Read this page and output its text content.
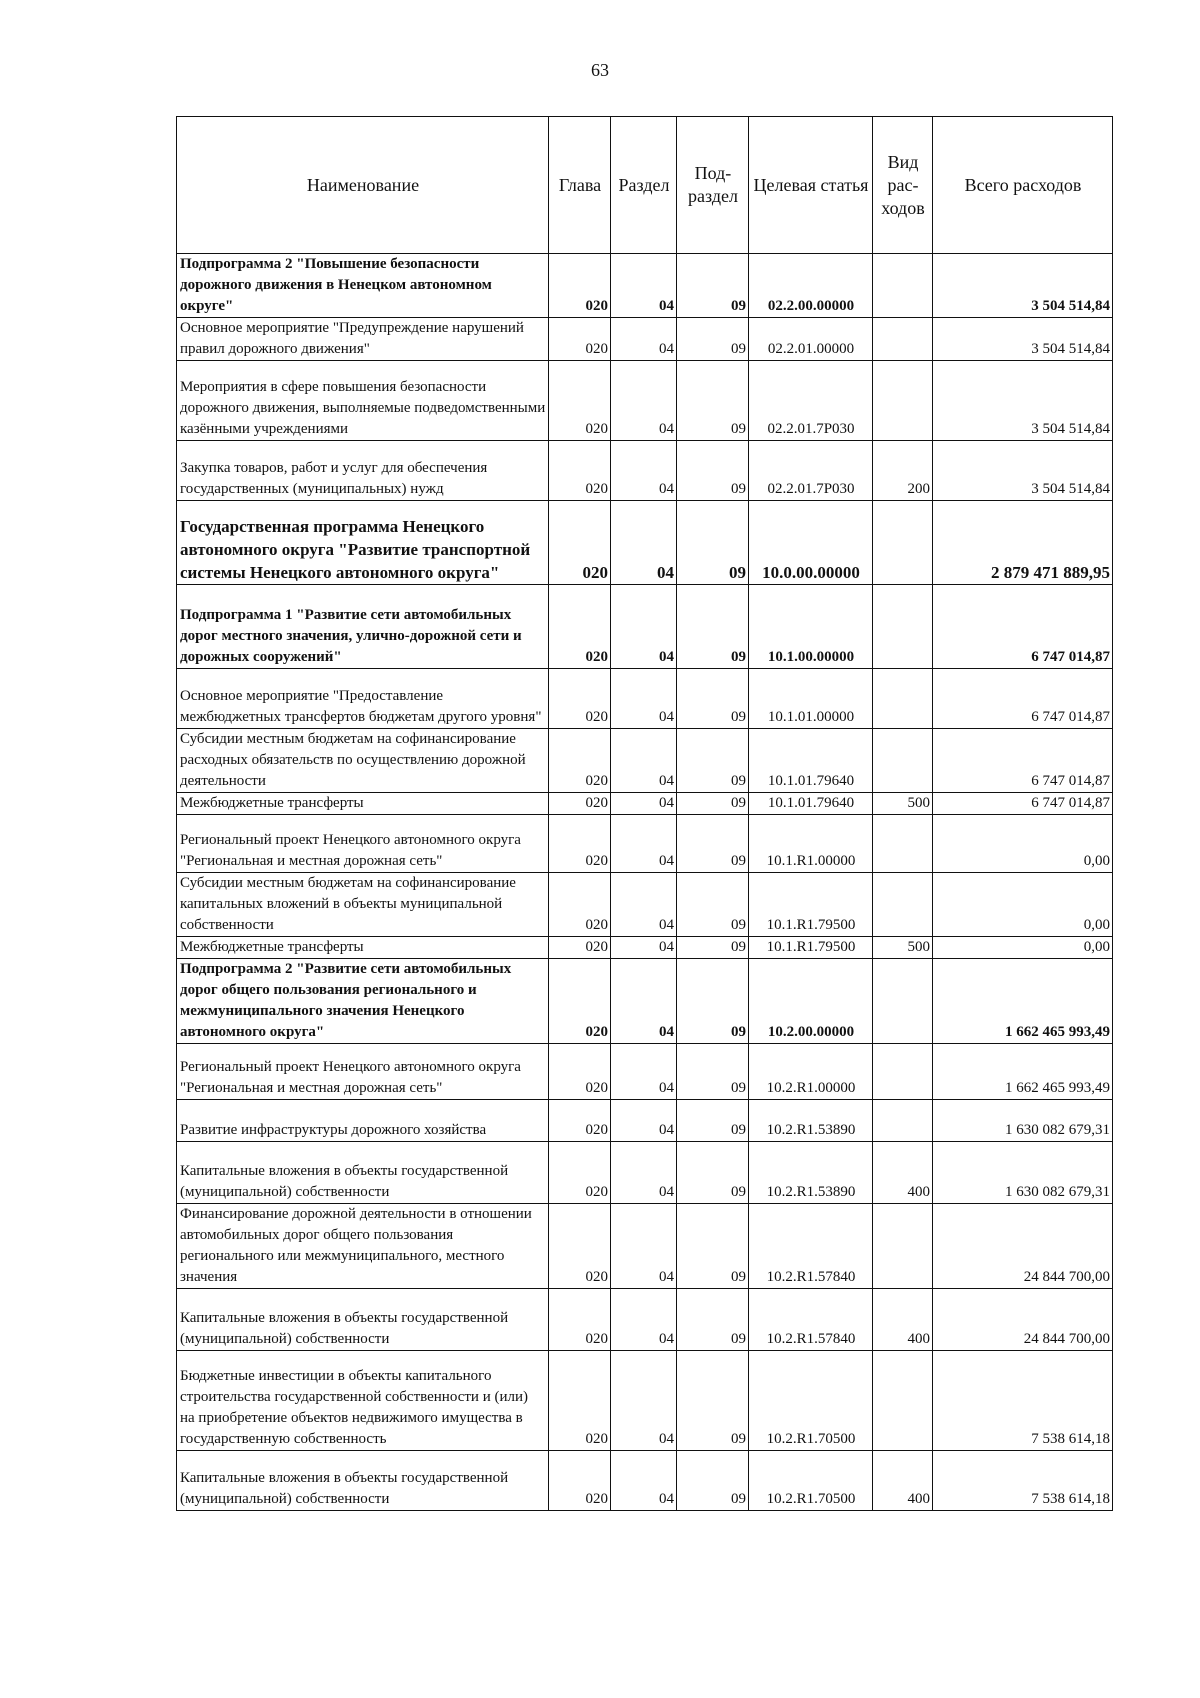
63
Наименование	Глава	Раздел	Под-раздел	Целевая статья	Вид рас-ходов	Всего расходов
Подпрограмма 2 "Повышение безопасности дорожного движения в Ненецком автономном округе"	020	04	09	02.2.00.00000		3 504 514,84
Основное мероприятие "Предупреждение нарушений правил дорожного движения"	020	04	09	02.2.01.00000		3 504 514,84
Мероприятия в сфере повышения безопасности дорожного движения, выполняемые подведомственными казёнными учреждениями	020	04	09	02.2.01.7Р030		3 504 514,84
Закупка товаров, работ и услуг для обеспечения государственных (муниципальных) нужд	020	04	09	02.2.01.7Р030	200	3 504 514,84
Государственная программа Ненецкого автономного округа "Развитие транспортной системы Ненецкого автономного округа"	020	04	09	10.0.00.00000		2 879 471 889,95
Подпрограмма 1 "Развитие сети автомобильных дорог местного значения, улично-дорожной сети и дорожных сооружений"	020	04	09	10.1.00.00000		6 747 014,87
Основное мероприятие "Предоставление межбюджетных трансфертов бюджетам другого уровня"	020	04	09	10.1.01.00000		6 747 014,87
Субсидии местным бюджетам на софинансирование расходных обязательств по осуществлению дорожной деятельности	020	04	09	10.1.01.79640		6 747 014,87
Межбюджетные трансферты	020	04	09	10.1.01.79640	500	6 747 014,87
Региональный проект Ненецкого автономного округа "Региональная и местная дорожная сеть"	020	04	09	10.1.R1.00000		0,00
Субсидии местным бюджетам на софинансирование капитальных вложений в объекты муниципальной собственности	020	04	09	10.1.R1.79500		0,00
Межбюджетные трансферты	020	04	09	10.1.R1.79500	500	0,00
Подпрограмма 2 "Развитие сети автомобильных дорог общего пользования регионального и межмуниципального значения Ненецкого автономного округа"	020	04	09	10.2.00.00000		1 662 465 993,49
Региональный проект Ненецкого автономного округа "Региональная и местная дорожная сеть"	020	04	09	10.2.R1.00000		1 662 465 993,49
Развитие инфраструктуры дорожного хозяйства	020	04	09	10.2.R1.53890		1 630 082 679,31
Капитальные вложения в объекты государственной (муниципальной) собственности	020	04	09	10.2.R1.53890	400	1 630 082 679,31
Финансирование дорожной деятельности в отношении автомобильных дорог общего пользования регионального или межмуниципального, местного значения	020	04	09	10.2.R1.57840		24 844 700,00
Капитальные вложения в объекты государственной (муниципальной) собственности	020	04	09	10.2.R1.57840	400	24 844 700,00
Бюджетные инвестиции в объекты капитального строительства государственной собственности и (или) на приобретение объектов недвижимого имущества в государственную собственность	020	04	09	10.2.R1.70500		7 538 614,18
Капитальные вложения в объекты государственной (муниципальной) собственности	020	04	09	10.2.R1.70500	400	7 538 614,18
